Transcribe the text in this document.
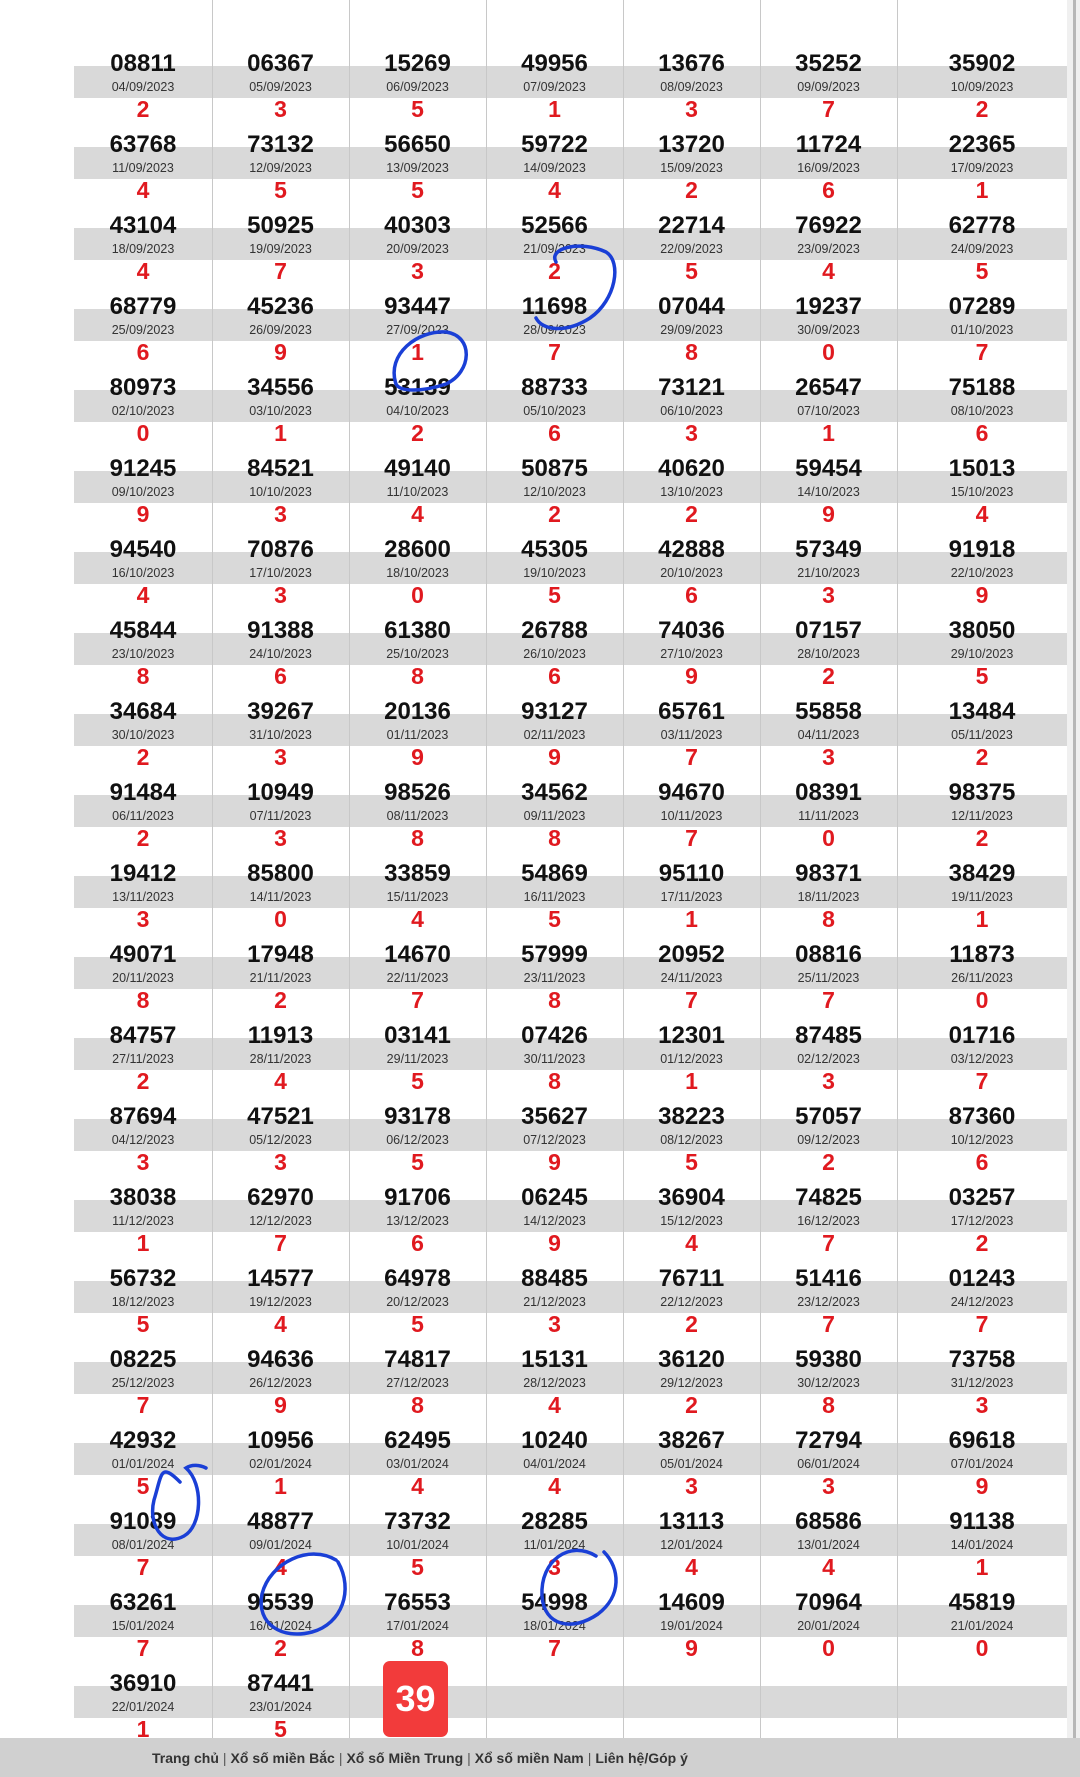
08811
04/09/2023
2
06367
05/09/2023
3
15269
06/09/2023
5
49956
07/09/2023
1
13676
08/09/2023
3
35252
09/09/2023
7
35902
10/09/2023
2
63768
11/09/2023
4
73132
12/09/2023
5
56650
13/09/2023
5
59722
14/09/2023
4
13720
15/09/2023
2
11724
16/09/2023
6
22365
17/09/2023
1
43104
18/09/2023
4
50925
19/09/2023
7
40303
20/09/2023
3
52566
21/09/2023
2
22714
22/09/2023
5
76922
23/09/2023
4
62778
24/09/2023
5
68779
25/09/2023
6
45236
26/09/2023
9
93447
27/09/2023
1
11698
28/09/2023
7
07044
29/09/2023
8
19237
30/09/2023
0
07289
01/10/2023
7
80973
02/10/2023
0
34556
03/10/2023
1
53139
04/10/2023
2
88733
05/10/2023
6
73121
06/10/2023
3
26547
07/10/2023
1
75188
08/10/2023
6
91245
09/10/2023
9
84521
10/10/2023
3
49140
11/10/2023
4
50875
12/10/2023
2
40620
13/10/2023
2
59454
14/10/2023
9
15013
15/10/2023
4
94540
16/10/2023
4
70876
17/10/2023
3
28600
18/10/2023
0
45305
19/10/2023
5
42888
20/10/2023
6
57349
21/10/2023
3
91918
22/10/2023
9
45844
23/10/2023
8
91388
24/10/2023
6
61380
25/10/2023
8
26788
26/10/2023
6
74036
27/10/2023
9
07157
28/10/2023
2
38050
29/10/2023
5
34684
30/10/2023
2
39267
31/10/2023
3
20136
01/11/2023
9
93127
02/11/2023
9
65761
03/11/2023
7
55858
04/11/2023
3
13484
05/11/2023
2
91484
06/11/2023
2
10949
07/11/2023
3
98526
08/11/2023
8
34562
09/11/2023
8
94670
10/11/2023
7
08391
11/11/2023
0
98375
12/11/2023
2
19412
13/11/2023
3
85800
14/11/2023
0
33859
15/11/2023
4
54869
16/11/2023
5
95110
17/11/2023
1
98371
18/11/2023
8
38429
19/11/2023
1
49071
20/11/2023
8
17948
21/11/2023
2
14670
22/11/2023
7
57999
23/11/2023
8
20952
24/11/2023
7
08816
25/11/2023
7
11873
26/11/2023
0
84757
27/11/2023
2
11913
28/11/2023
4
03141
29/11/2023
5
07426
30/11/2023
8
12301
01/12/2023
1
87485
02/12/2023
3
01716
03/12/2023
7
87694
04/12/2023
3
47521
05/12/2023
3
93178
06/12/2023
5
35627
07/12/2023
9
38223
08/12/2023
5
57057
09/12/2023
2
87360
10/12/2023
6
38038
11/12/2023
1
62970
12/12/2023
7
91706
13/12/2023
6
06245
14/12/2023
9
36904
15/12/2023
4
74825
16/12/2023
7
03257
17/12/2023
2
56732
18/12/2023
5
14577
19/12/2023
4
64978
20/12/2023
5
88485
21/12/2023
3
76711
22/12/2023
2
51416
23/12/2023
7
01243
24/12/2023
7
08225
25/12/2023
7
94636
26/12/2023
9
74817
27/12/2023
8
15131
28/12/2023
4
36120
29/12/2023
2
59380
30/12/2023
8
73758
31/12/2023
3
42932
01/01/2024
5
10956
02/01/2024
1
62495
03/01/2024
4
10240
04/01/2024
4
38267
05/01/2024
3
72794
06/01/2024
3
69618
07/01/2024
9
91089
08/01/2024
7
48877
09/01/2024
4
73732
10/01/2024
5
28285
11/01/2024
3
13113
12/01/2024
4
68586
13/01/2024
4
91138
14/01/2024
1
63261
15/01/2024
7
95539
16/01/2024
2
76553
17/01/2024
8
54998
18/01/2024
7
14609
19/01/2024
9
70964
20/01/2024
0
45819
21/01/2024
0
36910
22/01/2024
1
87441
23/01/2024
5
39
Trang chủ | Xổ số miền Bắc | Xổ số Miền Trung | Xổ số miền Nam | Liên hệ/Góp ý
